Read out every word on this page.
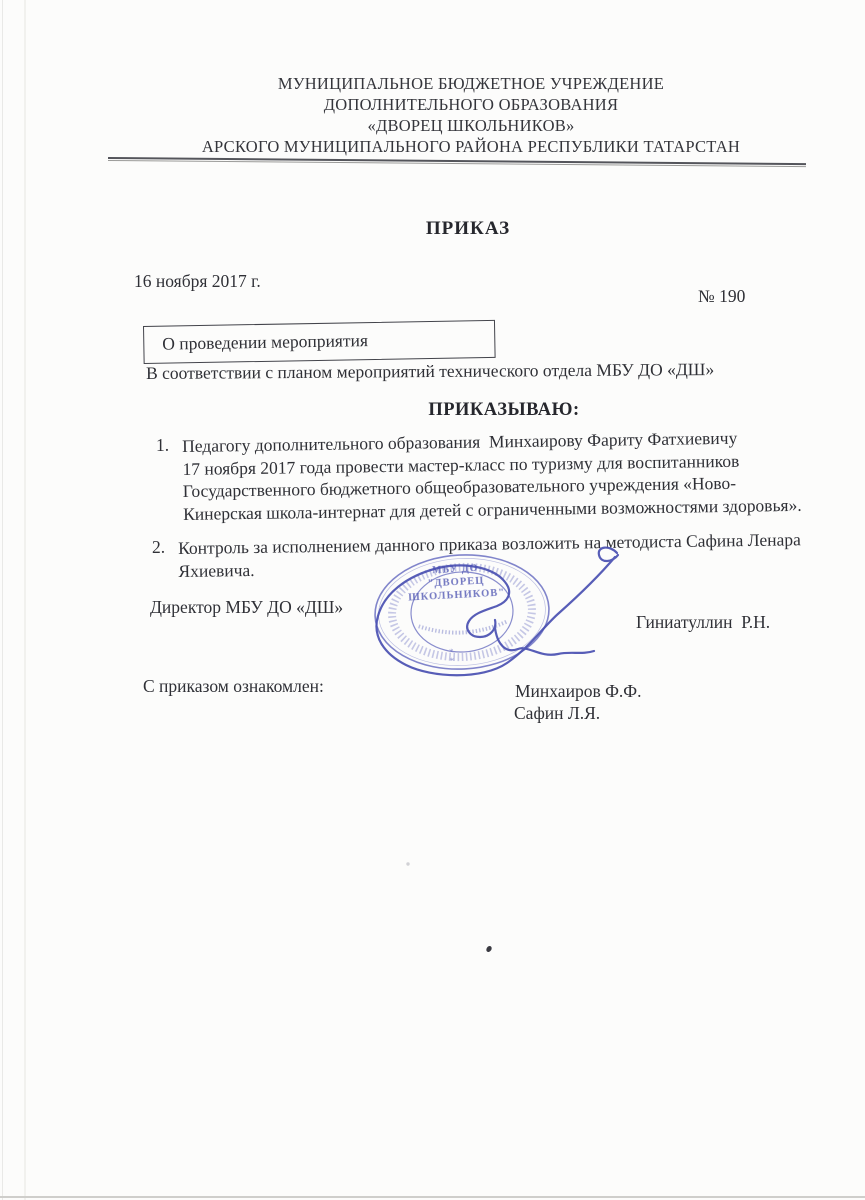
МУНИЦИПАЛЬНОЕ БЮДЖЕТНОЕ УЧРЕЖДЕНИЕ
ДОПОЛНИТЕЛЬНОГО ОБРАЗОВАНИЯ
«ДВОРЕЦ ШКОЛЬНИКОВ»
АРСКОГО МУНИЦИПАЛЬНОГО РАЙОНА РЕСПУБЛИКИ ТАТАРСТАН
ПРИКАЗ
16 ноября 2017 г.
№ 190
О проведении мероприятия
В соответствии с планом мероприятий технического отдела МБУ ДО «ДШ»
ПРИКАЗЫВАЮ:
1. Педагогу дополнительного образования  Минхаирову Фариту Фатхиевичу
17 ноября 2017 года провести мастер-класс по туризму для воспитанников
Государственного бюджетного общеобразовательного учреждения «Ново-
Кинерская школа-интернат для детей с ограниченными возможностями здоровья».
2. Контроль за исполнением данного приказа возложить на методиста Сафина Ленара
Яхиевича.
Директор МБУ ДО «ДШ»
Гиниатуллин  Р.Н.
С приказом ознакомлен:	Минхаиров Ф.Ф.
Сафин Л.Я.
*
*
МБУ ДО
"ДВОРЕЦ
ШКОЛЬНИКОВ"
